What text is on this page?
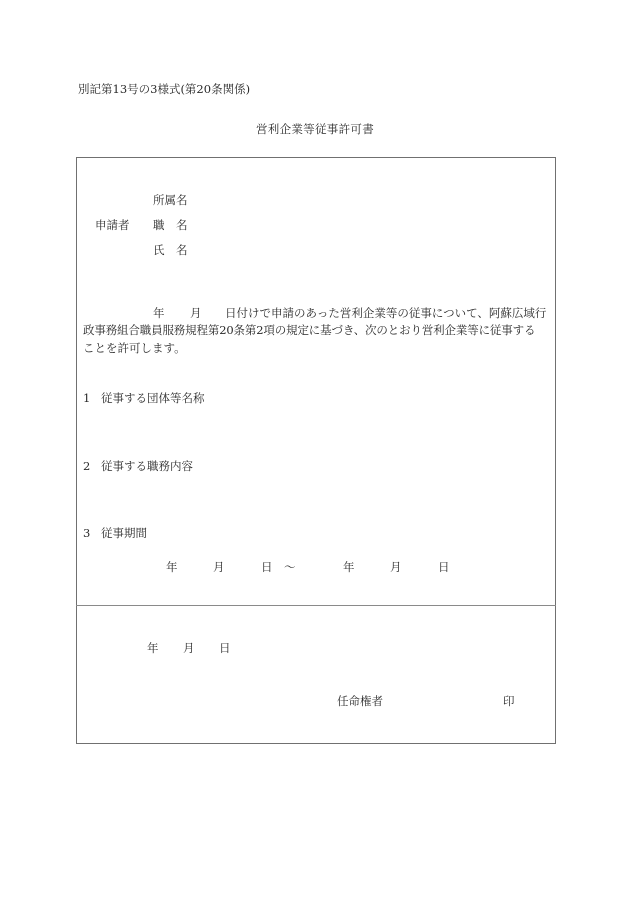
別記第13号の3様式(第20条関係)
営利企業等従事許可書
所属名
申請者 職　名
氏　名
年 月 日付けで申請のあった営利企業等の従事について、阿蘇広域行
政事務組合職員服務規程第20条第2項の規定に基づき、次のとおり営利企業等に従事する
ことを許可します。
1 従事する団体等名称
2 従事する職務内容
3 従事期間
年	月	日 ～	年	月	日
年 月 日
任命権者	印
